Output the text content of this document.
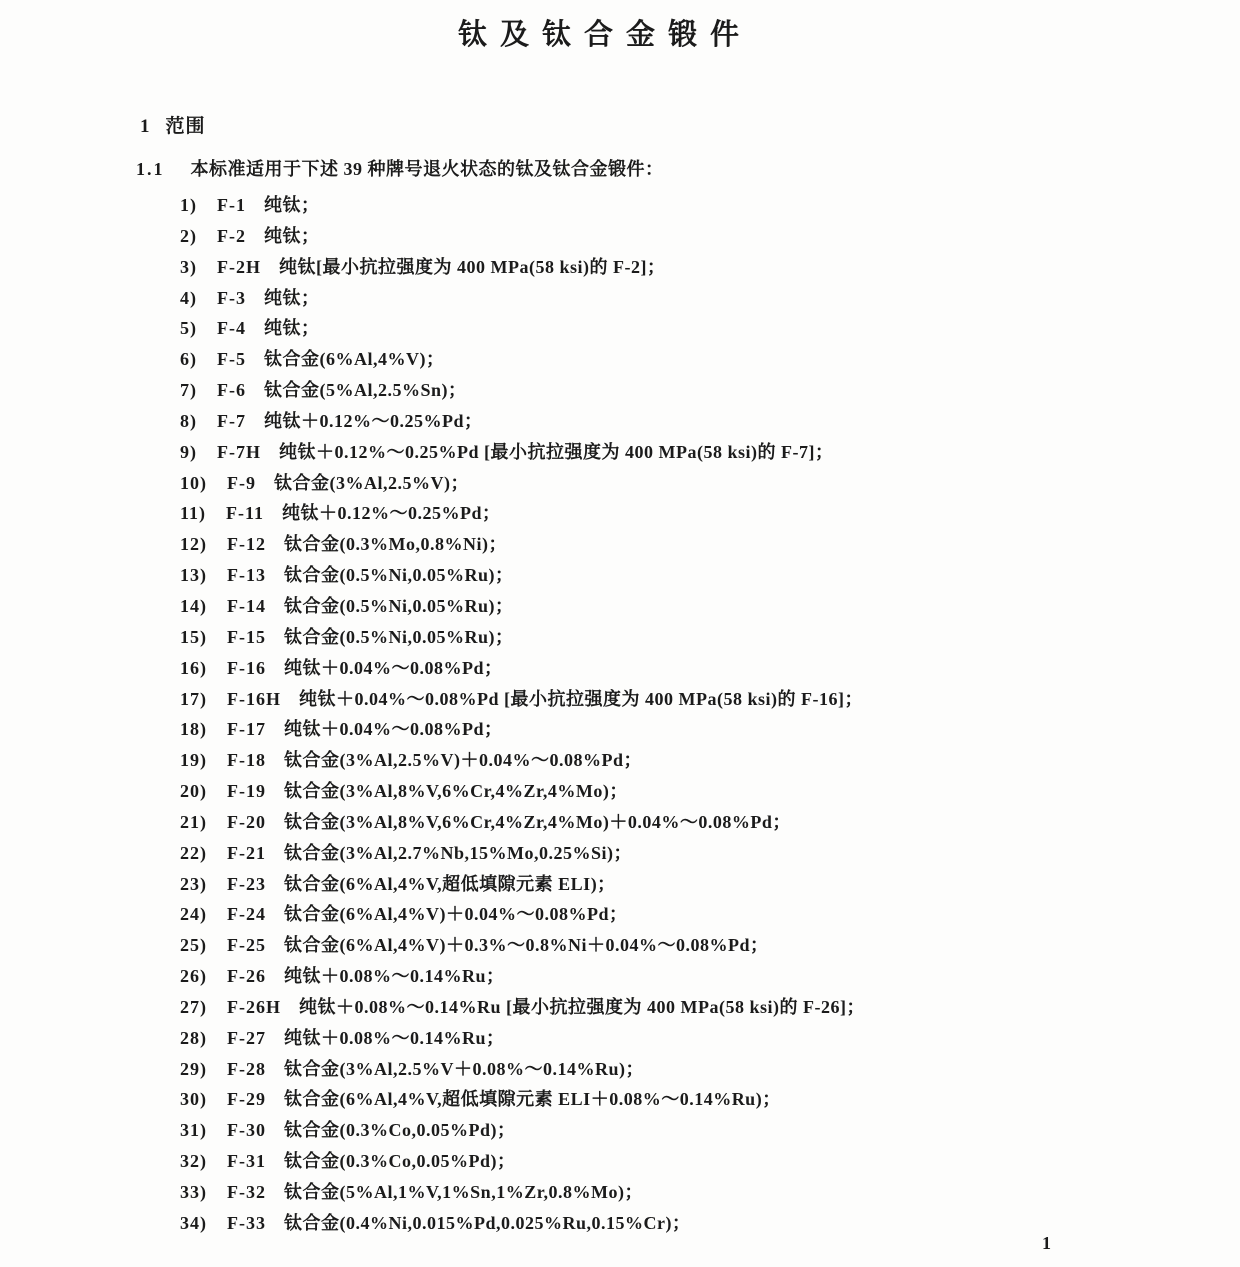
钛及钛合金锻件
1 范围
1.1 本标准适用于下述 39 种牌号退火状态的钛及钛合金锻件：
1) F-1 纯钛；
2) F-2 纯钛；
3) F-2H 纯钛[最小抗拉强度为 400 MPa(58 ksi)的 F-2]；
4) F-3 纯钛；
5) F-4 纯钛；
6) F-5 钛合金(6%Al,4%V)；
7) F-6 钛合金(5%Al,2.5%Sn)；
8) F-7 纯钛＋0.12%～0.25%Pd；
9) F-7H 纯钛＋0.12%～0.25%Pd [最小抗拉强度为 400 MPa(58 ksi)的 F-7]；
10) F-9 钛合金(3%Al,2.5%V)；
11) F-11 纯钛＋0.12%～0.25%Pd；
12) F-12 钛合金(0.3%Mo,0.8%Ni)；
13) F-13 钛合金(0.5%Ni,0.05%Ru)；
14) F-14 钛合金(0.5%Ni,0.05%Ru)；
15) F-15 钛合金(0.5%Ni,0.05%Ru)；
16) F-16 纯钛＋0.04%～0.08%Pd；
17) F-16H 纯钛＋0.04%～0.08%Pd [最小抗拉强度为 400 MPa(58 ksi)的 F-16]；
18) F-17 纯钛＋0.04%～0.08%Pd；
19) F-18 钛合金(3%Al,2.5%V)＋0.04%～0.08%Pd；
20) F-19 钛合金(3%Al,8%V,6%Cr,4%Zr,4%Mo)；
21) F-20 钛合金(3%Al,8%V,6%Cr,4%Zr,4%Mo)＋0.04%～0.08%Pd；
22) F-21 钛合金(3%Al,2.7%Nb,15%Mo,0.25%Si)；
23) F-23 钛合金(6%Al,4%V,超低填隙元素 ELI)；
24) F-24 钛合金(6%Al,4%V)＋0.04%～0.08%Pd；
25) F-25 钛合金(6%Al,4%V)＋0.3%～0.8%Ni＋0.04%～0.08%Pd；
26) F-26 纯钛＋0.08%～0.14%Ru；
27) F-26H 纯钛＋0.08%～0.14%Ru [最小抗拉强度为 400 MPa(58 ksi)的 F-26]；
28) F-27 纯钛＋0.08%～0.14%Ru；
29) F-28 钛合金(3%Al,2.5%V＋0.08%～0.14%Ru)；
30) F-29 钛合金(6%Al,4%V,超低填隙元素 ELI＋0.08%～0.14%Ru)；
31) F-30 钛合金(0.3%Co,0.05%Pd)；
32) F-31 钛合金(0.3%Co,0.05%Pd)；
33) F-32 钛合金(5%Al,1%V,1%Sn,1%Zr,0.8%Mo)；
34) F-33 钛合金(0.4%Ni,0.015%Pd,0.025%Ru,0.15%Cr)；
1
